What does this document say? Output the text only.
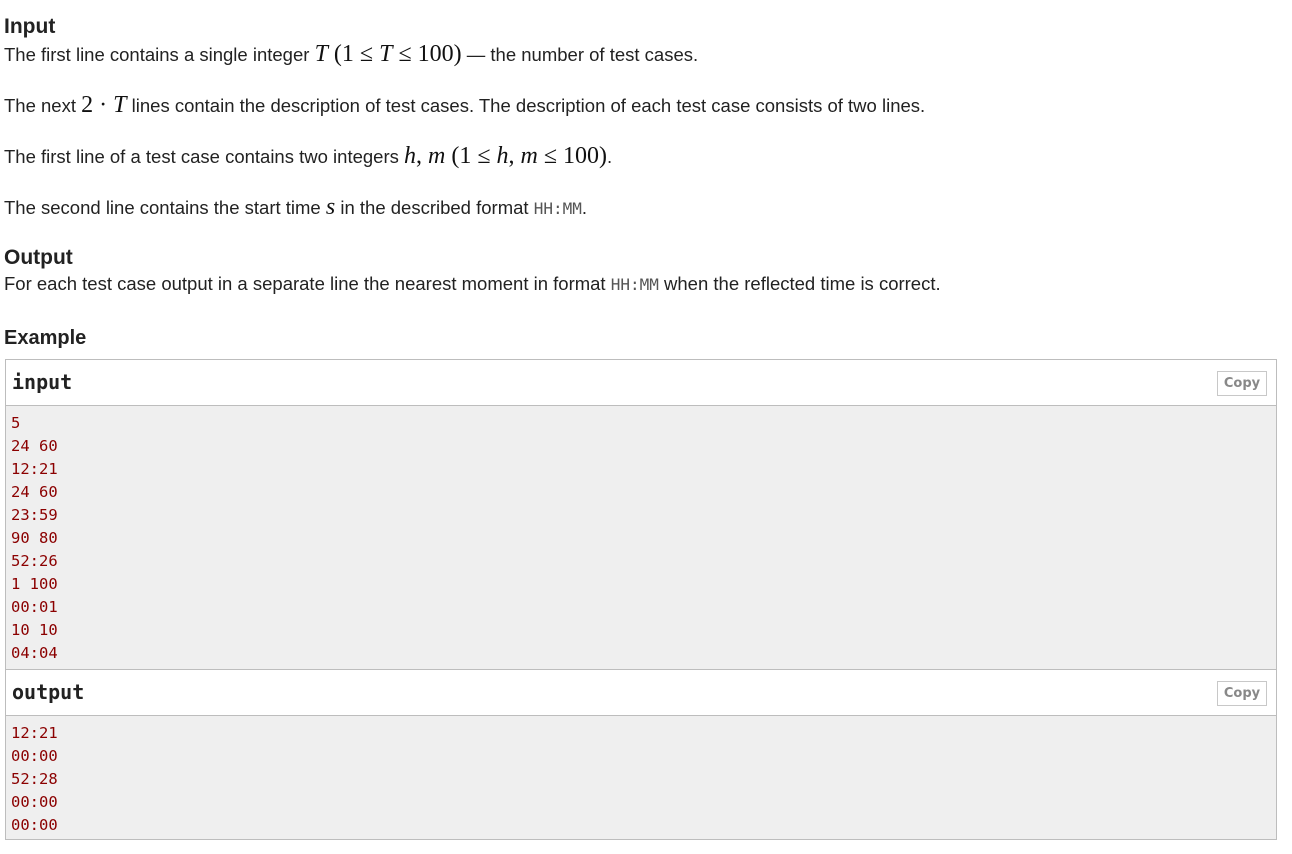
Input

The first line contains a single integer T (1 ≤ T ≤ 100) — the number of test cases.

The next 2 · T lines contain the description of test cases. The description of each test case consists of two lines.

The first line of a test case contains two integers h, m (1 ≤ h, m ≤ 100).

The second line contains the start time s in the described format HH:MM.

Output

For each test case output in a separate line the nearest moment in format HH:MM when the reflected time is correct.

Example
input	Copy
5
24 60
12:21
24 60
23:59
90 80
52:26
1 100
00:01
10 10
04:04
output	Copy
12:21
00:00
52:28
00:00
00:00
